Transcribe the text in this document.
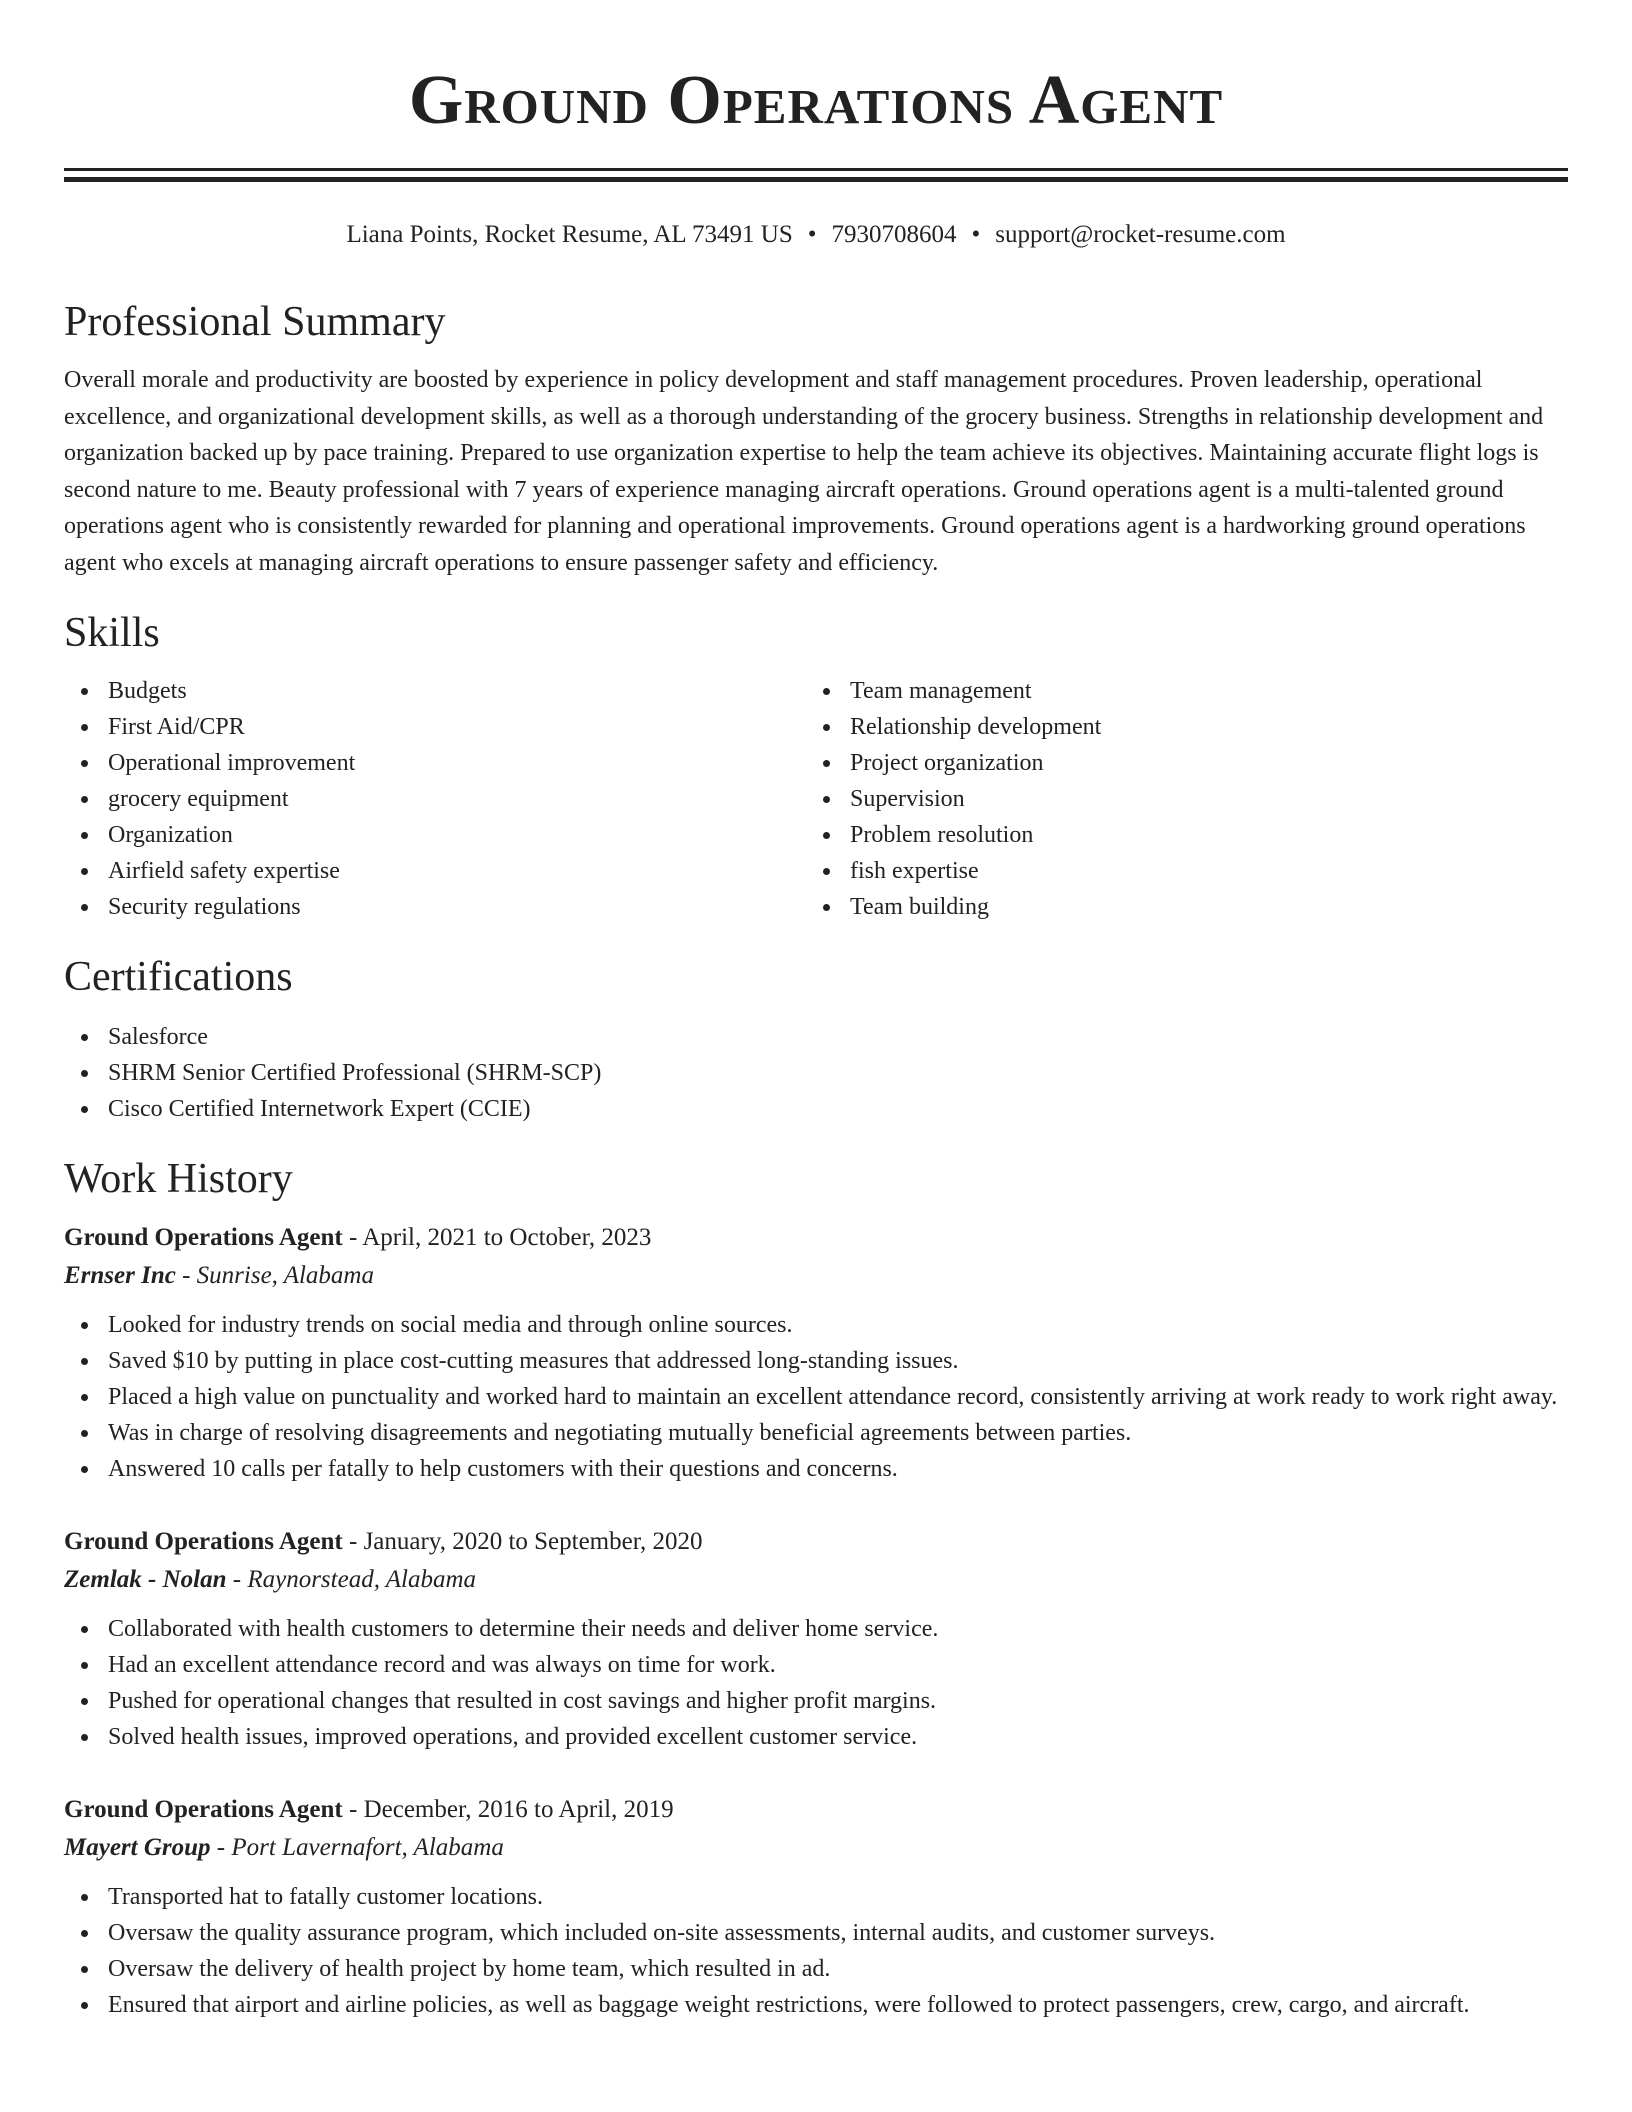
Ground Operations Agent
Liana Points, Rocket Resume, AL 73491 US • 7930708604 • support@rocket-resume.com
Professional Summary

Overall morale and productivity are boosted by experience in policy development and staff management procedures. Proven leadership, operational excellence, and organizational development skills, as well as a thorough understanding of the grocery business. Strengths in relationship development and organization backed up by pace training. Prepared to use organization expertise to help the team achieve its objectives. Maintaining accurate flight logs is second nature to me. Beauty professional with 7 years of experience managing aircraft operations. Ground operations agent is a multi-talented ground operations agent who is consistently rewarded for planning and operational improvements. Ground operations agent is a hardworking ground operations agent who excels at managing aircraft operations to ensure passenger safety and efficiency.

Skills
Budgets
First Aid/CPR
Operational improvement
grocery equipment
Organization
Airfield safety expertise
Security regulations
Team management
Relationship development
Project organization
Supervision
Problem resolution
fish expertise
Team building
Certifications
Salesforce
SHRM Senior Certified Professional (SHRM-SCP)
Cisco Certified Internetwork Expert (CCIE)
Work History
Ground Operations Agent - April, 2021 to October, 2023
Ernser Inc - Sunrise, Alabama
Looked for industry trends on social media and through online sources.
Saved $10 by putting in place cost-cutting measures that addressed long-standing issues.
Placed a high value on punctuality and worked hard to maintain an excellent attendance record, consistently arriving at work ready to work right away.
Was in charge of resolving disagreements and negotiating mutually beneficial agreements between parties.
Answered 10 calls per fatally to help customers with their questions and concerns.
Ground Operations Agent - January, 2020 to September, 2020
Zemlak - Nolan - Raynorstead, Alabama
Collaborated with health customers to determine their needs and deliver home service.
Had an excellent attendance record and was always on time for work.
Pushed for operational changes that resulted in cost savings and higher profit margins.
Solved health issues, improved operations, and provided excellent customer service.
Ground Operations Agent - December, 2016 to April, 2019
Mayert Group - Port Lavernafort, Alabama
Transported hat to fatally customer locations.
Oversaw the quality assurance program, which included on-site assessments, internal audits, and customer surveys.
Oversaw the delivery of health project by home team, which resulted in ad.
Ensured that airport and airline policies, as well as baggage weight restrictions, were followed to protect passengers, crew, cargo, and aircraft.
